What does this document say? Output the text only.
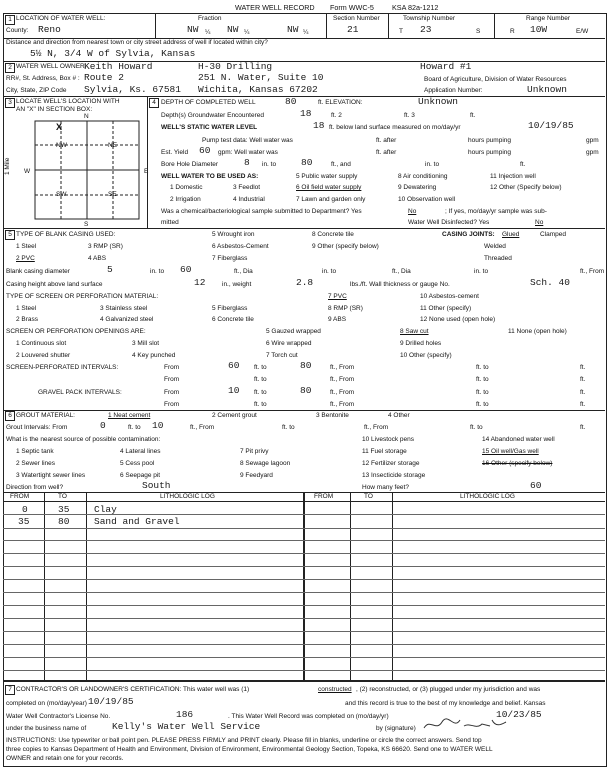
WATER WELL RECORD Form WWC-5	KSA 82a-1212
1 LOCATION OF WATER WELL:
County: Reno
Fraction
NW ¼ NW ¼	NW ¼
Section Number
21
Township Number
T 23	S
Range Number
R 10W	E/W
Distance and direction from nearest town or city street address of well if located within city?
5½ N, 3/4 W of Sylvia, Kansas
2 WATER WELL OWNER:
Keith Howard	H-30 Drilling	Howard #1
RR#, St. Address, Box # : Route 2	251 N. Water, Suite 10	Board of Agriculture, Division of Water Resources
City, State, ZIP Code Sylvia, Ks. 67581 Wichita, Kansas 67202	Application Number:	Unknown
3 LOCATE WELL'S LOCATION WITH
AN "X" IN SECTION BOX:
N
S
W	E
1 Mile
X
NW	NE
SW	SE
4 DEPTH OF COMPLETED WELL	80	ft. ELEVATION:	Unknown
Depth(s) Groundwater Encountered	18	ft. 2	ft. 3	ft.
WELL'S STATIC WATER LEVEL	18 ft. below land surface measured on mo/day/yr	10/19/85
Pump test data: Well water was	ft. after	hours pumping	gpm
Est. Yield 60 gpm: Well water was	ft. after	hours pumping	gpm
Bore Hole Diameter	8 in. to	80	ft., and	in. to	ft.
WELL WATER TO BE USED AS:
1 Domestic
2 Irrigation
3 Feedlot
4 Industrial
5 Public water supply
6 Oil field water supply
7 Lawn and garden only
8 Air conditioning
9 Dewatering
10 Observation well
11 Injection well
12 Other (Specify below)
Was a chemical/bacteriological sample submitted to Department? Yes	No	; If yes, mo/day/yr sample was sub-
mitted	Water Well Disinfected? Yes	No
5 TYPE OF BLANK CASING USED:
1 Steel
2 PVC
3 RMP (SR)
4 ABS
5 Wrought iron
6 Asbestos-Cement
7 Fiberglass
8 Concrete tile
9 Other (specify below)
CASING JOINTS: Glued	Clamped
Welded
Threaded
Blank casing diameter	5	in. to 60	ft., Dia	in. to	ft., Dia	in. to	ft., From
Casing height above land surface	12	in., weight	2.8	lbs./ft. Wall thickness or gauge No.	Sch. 40
TYPE OF SCREEN OR PERFORATION MATERIAL:
1 Steel
2 Brass
3 Stainless steel
4 Galvanized steel
5 Fiberglass
6 Concrete tile
7 PVC
8 RMP (SR)
9 ABS
10 Asbestos-cement
11 Other (specify)
12 None used (open hole)
SCREEN OR PERFORATION OPENINGS ARE:
1 Continuous slot
2 Louvered shutter
3 Mill slot
4 Key punched
5 Gauzed wrapped
6 Wire wrapped
7 Torch cut
8 Saw cut
9 Drilled holes
10 Other (specify)
11 None (open hole)
SCREEN-PERFORATED INTERVALS:	From	60 ft. to	80	ft., From	ft. to	ft.
From	ft. to	ft., From	ft. to	ft.
GRAVEL PACK INTERVALS:	From	10 ft. to	80	ft., From	ft. to	ft.
From	ft. to	ft., From	ft. to	ft.
6 GROUT MATERIAL:	1 Neat cement	2 Cement grout	3 Bentonite	4 Other
Grout Intervals: From	0	ft. to 10	ft., From	ft. to	ft., From	ft. to	ft.
What is the nearest source of possible contamination:
1 Septic tank
2 Sewer lines
3 Watertight sewer lines
4 Lateral lines
5 Cess pool
6 Seepage pit
7 Pit privy
8 Sewage lagoon
9 Feedyard
10 Livestock pens
11 Fuel storage
12 Fertilizer storage
13 Insecticide storage
14 Abandoned water well
15 Oil well/Gas well
16 Other (specify below)
Direction from well?	South	How many feet?	60
FROM	TO	LITHOLOGIC LOG	FROM	TO	LITHOLOGIC LOG
0	35	Clay
35	80	Sand and Gravel
7 CONTRACTOR'S OR LANDOWNER'S CERTIFICATION: This water well was (1)	constructed , (2) reconstructed, or (3) plugged under my jurisdiction and was
completed on (mo/day/year) 10/19/85	and this record is true to the best of my knowledge and belief. Kansas
Water Well Contractor's License No.	186	. This Water Well Record was completed on (mo/day/yr)	10/23/85
under the business name of	Kelly's Water Well Service	by (signature)
INSTRUCTIONS: Use typewriter or ball point pen. PLEASE PRESS FIRMLY and PRINT clearly. Please fill in blanks, underline or circle the correct answers. Send top
three copies to Kansas Department of Health and Environment, Division of Environment, Environmental Geology Section, Topeka, KS 66620. Send one to WATER WELL
OWNER and retain one for your records.
